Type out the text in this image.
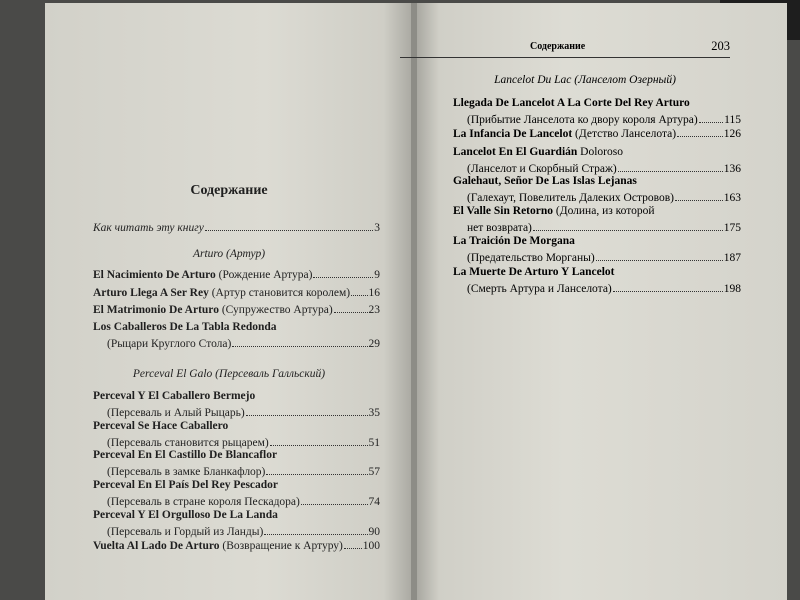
Содержание
Как читать эту книгу	3
Arturo (Артур)
El Nacimiento De Arturo (Рождение Артура)	9
Arturo Llega A Ser Rey (Артур становится королем) 16
El Matrimonio De Arturo (Супружество Артура)	23
Los Caballeros De La Tabla Redonda
(Рыцари Круглого Стола)	29
Perceval El Galo (Персеваль Галльский)
Perceval Y El Caballero Bermejo
(Персеваль и Алый Рыцарь)	35
Perceval Se Hace Caballero
(Персеваль становится рыцарем)	51
Perceval En El Castillo De Blancaflor
(Персеваль в замке Бланкафлор)	57
Perceval En El País Del Rey Pescador
(Персеваль в стране короля Пескадора)	74
Perceval Y El Orgulloso De La Landa
(Персеваль и Гордый из Ланды)	90
Vuelta Al Lado De Arturo (Возвращение к Артуру) 100
Содержание	203
Lancelot Du Lac (Ланселот Озерный)
Llegada De Lancelot A La Corte Del Rey Arturo
(Прибытие Ланселота ко двору короля Артура) 115
La Infancia De Lancelot (Детство Ланселота)	126
Lancelot En El Guardián Doloroso
(Ланселот и Скорбный Страж)	136
Galehaut, Señor De Las Islas Lejanas
(Галехаут, Повелитель Далеких Островов)	163
El Valle Sin Retorno (Долина, из которой
нет возврата)	175
La Traición De Morgana
(Предательство Морганы)	187
La Muerte De Arturo Y Lancelot
(Смерть Артура и Ланселота)	198
